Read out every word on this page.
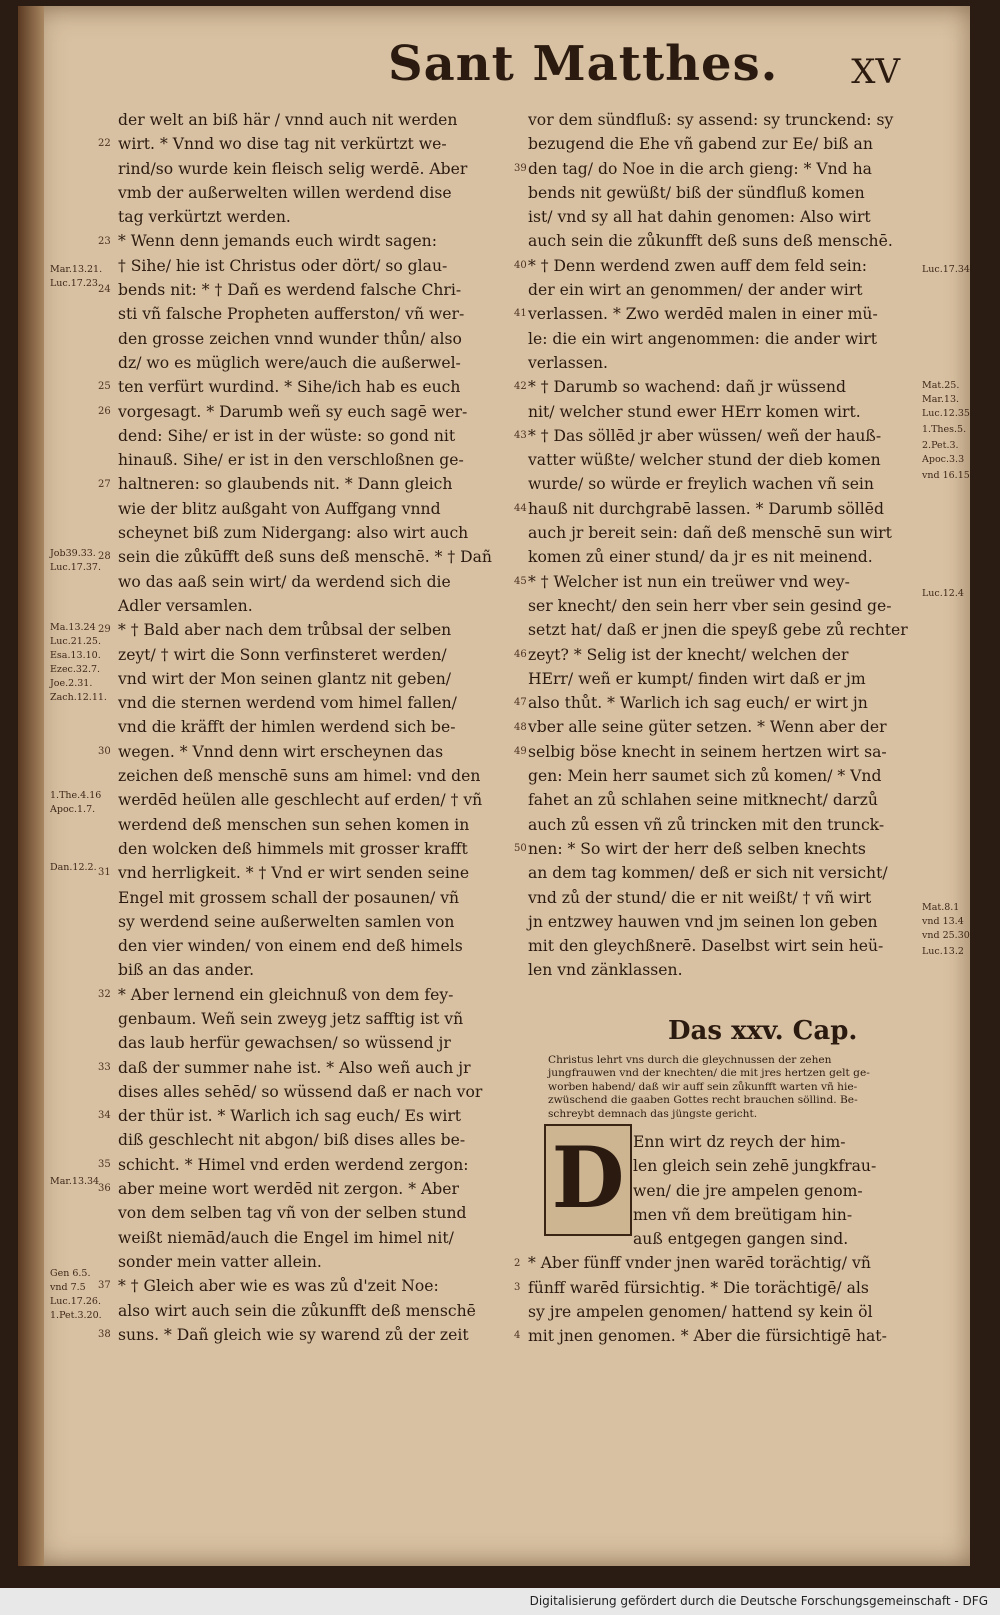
Sant Matthes. XV

der welt an biß här / vnnd auch nit werden

wirt. * Vnnd wo dise tag nit verkürtzt we-

rind/so wurde kein fleisch selig werdē. Aber

vmb der außerwelten willen werdend dise

tag verkürtzt werden.

* Wenn denn jemands euch wirdt sagen:

† Sihe/ hie ist Christus oder dört/ so glau-

bends nit: * † Dañ es werdend falsche Chri-

sti vñ falsche Propheten aufferston/ vñ wer-

den grosse zeichen vnnd wunder thůn/ also

dz/ wo es müglich were/auch die außerwel-

ten verfürt wurdind. * Sihe/ich hab es euch

vorgesagt. * Darumb weñ sy euch sagē wer-

dend: Sihe/ er ist in der wüste: so gond nit

hinauß. Sihe/ er ist in den verschloßnen ge-

haltneren: so glaubends nit. * Dann gleich

wie der blitz außgaht von Auffgang vnnd

scheynet biß zum Nidergang: also wirt auch

sein die zůkūfft deß suns deß menschē. * † Dañ

wo das aaß sein wirt/ da werdend sich die

Adler versamlen.

* † Bald aber nach dem trůbsal der selben

zeyt/ † wirt die Sonn verfinsteret werden/

vnd wirt der Mon seinen glantz nit geben/

vnd die sternen werdend vom himel fallen/

vnd die kräfft der himlen werdend sich be-

wegen. * Vnnd denn wirt erscheynen das

zeichen deß menschē suns am himel: vnd den

werdēd heülen alle geschlecht auf erden/ † vñ

werdend deß menschen sun sehen komen in

den wolcken deß himmels mit grosser krafft

vnd herrligkeit. * † Vnd er wirt senden seine

Engel mit grossem schall der posaunen/ vñ

sy werdend seine außerwelten samlen von

den vier winden/ von einem end deß himels

biß an das ander.

* Aber lernend ein gleichnuß von dem fey-

genbaum. Weñ sein zweyg jetz safftig ist vñ

das laub herfür gewachsen/ so wüssend jr

daß der summer nahe ist. * Also weñ auch jr

dises alles sehēd/ so wüssend daß er nach vor

der thür ist. * Warlich ich sag euch/ Es wirt

diß geschlecht nit abgon/ biß dises alles be-

schicht. * Himel vnd erden werdend zergon:

aber meine wort werdēd nit zergon. * Aber

von dem selben tag vñ von der selben stund

weißt niemād/auch die Engel im himel nit/

sonder mein vatter allein.

* † Gleich aber wie es was zů d'zeit Noe:

also wirt auch sein die zůkunfft deß menschē

suns. * Dañ gleich wie sy warend zů der zeit

vor dem sündfluß: sy assend: sy trunckend: sy

bezugend die Ehe vñ gabend zur Ee/ biß an

den tag/ do Noe in die arch gieng: * Vnd ha

bends nit gewüßt/ biß der sündfluß komen

ist/ vnd sy all hat dahin genomen: Also wirt

auch sein die zůkunfft deß suns deß menschē.

* † Denn werdend zwen auff dem feld sein:

der ein wirt an genommen/ der ander wirt

verlassen. * Zwo werdēd malen in einer mü-

le: die ein wirt angenommen: die ander wirt

verlassen.

* † Darumb so wachend: dañ jr wüssend

nit/ welcher stund ewer HErr komen wirt.

* † Das söllēd jr aber wüssen/ weñ der hauß-

vatter wüßte/ welcher stund der dieb komen

wurde/ so würde er freylich wachen vñ sein

hauß nit durchgrabē lassen. * Darumb söllēd

auch jr bereit sein: dañ deß menschē sun wirt

komen zů einer stund/ da jr es nit meinend.

* † Welcher ist nun ein treüwer vnd wey-

ser knecht/ den sein herr vber sein gesind ge-

setzt hat/ daß er jnen die speyß gebe zů rechter

zeyt? * Selig ist der knecht/ welchen der

HErr/ weñ er kumpt/ finden wirt daß er jm

also thůt. * Warlich ich sag euch/ er wirt jn

vber alle seine güter setzen. * Wenn aber der

selbig böse knecht in seinem hertzen wirt sa-

gen: Mein herr saumet sich zů komen/ * Vnd

fahet an zů schlahen seine mitknecht/ darzů

auch zů essen vñ zů trincken mit den trunck-

nen: * So wirt der herr deß selben knechts

an dem tag kommen/ deß er sich nit versicht/

vnd zů der stund/ die er nit weißt/ † vñ wirt

jn entzwey hauwen vnd jm seinen lon geben

mit den gleychßnerē. Daselbst wirt sein heü-

len vnd zänklassen.

22
23
24
25
26
27
28
29
30
31
32
33
34
35
36
37
38
39
40
41
42
43
44
45
46
47
48
49
50
2
3
4
Mar.13.21.
Luc.17.23.
Job39.33.
Luc.17.37.
Ma.13.24
Luc.21.25.
Esa.13.10.
Ezec.32.7.
Joe.2.31.
Zach.12.11.
1.The.4.16
Apoc.1.7.
Dan.12.2.
Mar.13.34
Gen 6.5.
vnd 7.5
Luc.17.26.
1.Pet.3.20.
Luc.17.34
Mat.25.
Mar.13.
Luc.12.35
1.Thes.5.
2.Pet.3.
Apoc.3.3
vnd 16.15
Luc.12.4
Mat.8.1
vnd 13.4
vnd 25.30
Luc.13.2
Das xxv. Cap.

Christus lehrt vns durch die gleychnussen der zehen

jungfrauwen vnd der knechten/ die mit jres hertzen gelt ge-

worben habend/ daß wir auff sein zůkunfft warten vñ hie-

zwüschend die gaaben Gottes recht brauchen söllind. Be-

schreybt demnach das jüngste gericht.

D Enn wirt dz reych der him-

len gleich sein zehē jungkfrau-

wen/ die jre ampelen genom-

men vñ dem breütigam hin-

auß entgegen gangen sind.

* Aber fünff vnder jnen warēd torächtig/ vñ

fünff warēd fürsichtig. * Die torächtigē/ als

sy jre ampelen genomen/ hattend sy kein öl

mit jnen genomen. * Aber die fürsichtigē hat-

Digitalisierung gefördert durch die Deutsche Forschungsgemeinschaft - DFG
